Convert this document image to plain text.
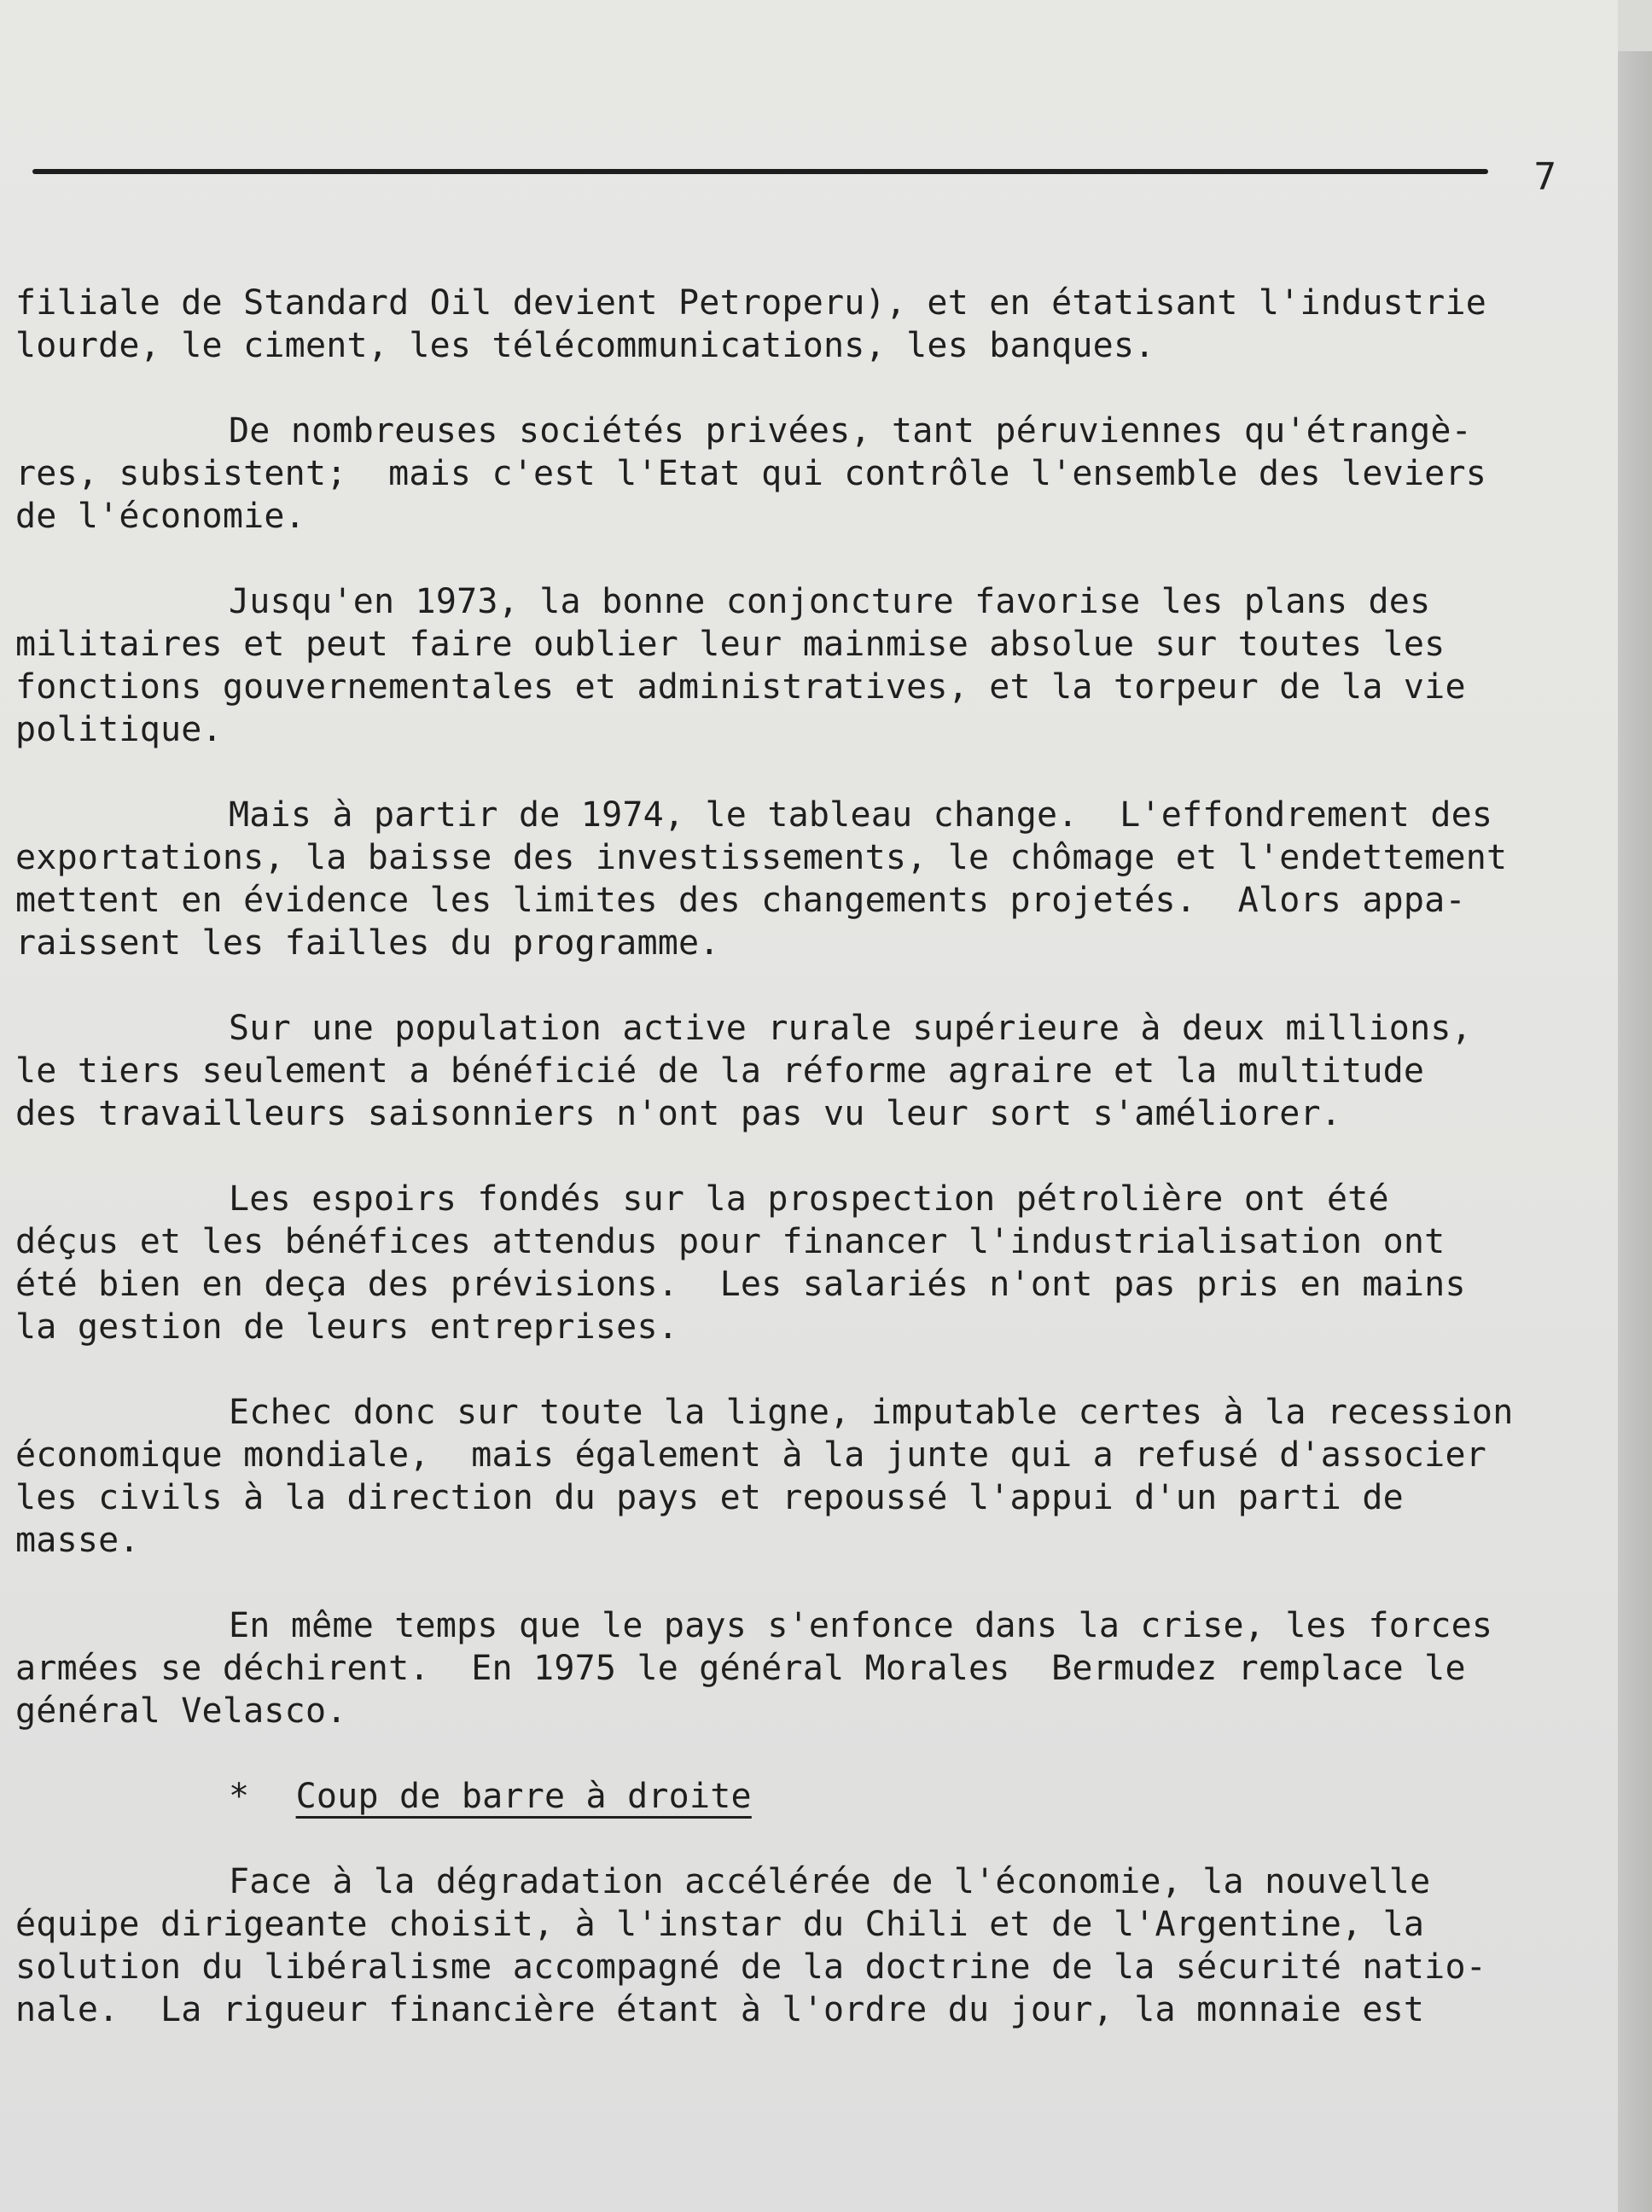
7
filiale de Standard Oil devient Petroperu), et en étatisant l'industrie
lourde, le ciment, les télécommunications, les banques.
De nombreuses sociétés privées, tant péruviennes qu'étrangè-
res, subsistent;  mais c'est l'Etat qui contrôle l'ensemble des leviers
de l'économie.
Jusqu'en 1973, la bonne conjoncture favorise les plans des
militaires et peut faire oublier leur mainmise absolue sur toutes les
fonctions gouvernementales et administratives, et la torpeur de la vie
politique.
Mais à partir de 1974, le tableau change.  L'effondrement des
exportations, la baisse des investissements, le chômage et l'endettement
mettent en évidence les limites des changements projetés.  Alors appa-
raissent les failles du programme.
Sur une population active rurale supérieure à deux millions,
le tiers seulement a bénéficié de la réforme agraire et la multitude
des travailleurs saisonniers n'ont pas vu leur sort s'améliorer.
Les espoirs fondés sur la prospection pétrolière ont été
déçus et les bénéfices attendus pour financer l'industrialisation ont
été bien en deça des prévisions.  Les salariés n'ont pas pris en mains
la gestion de leurs entreprises.
Echec donc sur toute la ligne, imputable certes à la recession
économique mondiale,  mais également à la junte qui a refusé d'associer
les civils à la direction du pays et repoussé l'appui d'un parti de
masse.
En même temps que le pays s'enfonce dans la crise, les forces
armées se déchirent.  En 1975 le général Morales  Bermudez remplace le
général Velasco.
* Coup de barre à droite
Face à la dégradation accélérée de l'économie, la nouvelle
équipe dirigeante choisit, à l'instar du Chili et de l'Argentine, la
solution du libéralisme accompagné de la doctrine de la sécurité natio-
nale.  La rigueur financière étant à l'ordre du jour, la monnaie est
